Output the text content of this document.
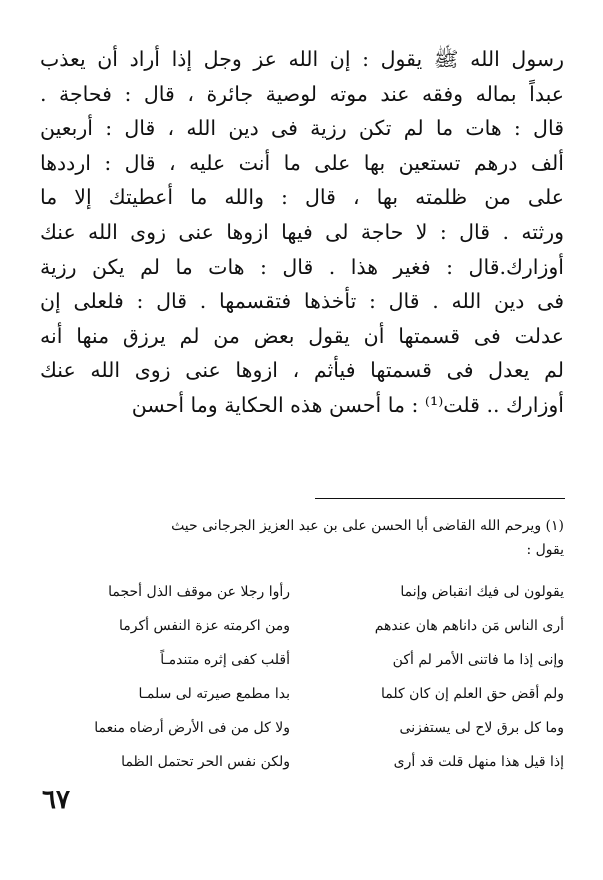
رسول الله ﷺ يقول : إن الله عز وجل إذا أراد أن يعذب
عبداً بماله وفقه عند موته لوصية جائرة ، قال : فحاجة .
قال : هات ما لم تكن رزية فى دين الله ، قال : أربعين
ألف درهم تستعين بها على ما أنت عليه ، قال : ارددها
على من ظلمته بها ، قال : والله ما أعطيتك إلا ما
ورثته . قال : لا حاجة لى فيها ازوها عنى زوى الله عنك
أوزارك.قال : فغير هذا . قال : هات ما لم يكن رزية
فى دين الله . قال : تأخذها فتقسمها . قال : فلعلى إن
عدلت فى قسمتها أن يقول بعض من لم يرزق منها أنه
لم يعدل فى قسمتها فيأثم ، ازوها عنى زوى الله عنك
أوزارك .. قلت⁽¹⁾ : ما أحسن هذه الحكاية وما أحسن
(١) ويرحم الله القاضى أبا الحسن على بن عبد العزيز الجرجانى حيث
يقول :
يقولون لى فيك انقباض وإنما
رأوا رجلا عن موقف الذل أحجما
أرى الناس مَن داناهم هان عندهم
ومن اكرمته عزة النفس أكرما
وإنى إذا ما فاتنى الأمر لم أكن
أقلب كفى إثره متندمـاً
ولم أقض حق العلم إن كان كلما
بدا مطمع صيرته لى سلمـا
وما كل برق لاح لى يستفزنى
ولا كل من فى الأرض أرضاه منعما
إذا قيل هذا منهل قلت قد أرى
ولكن نفس الحر تحتمل الظما
٦٧
